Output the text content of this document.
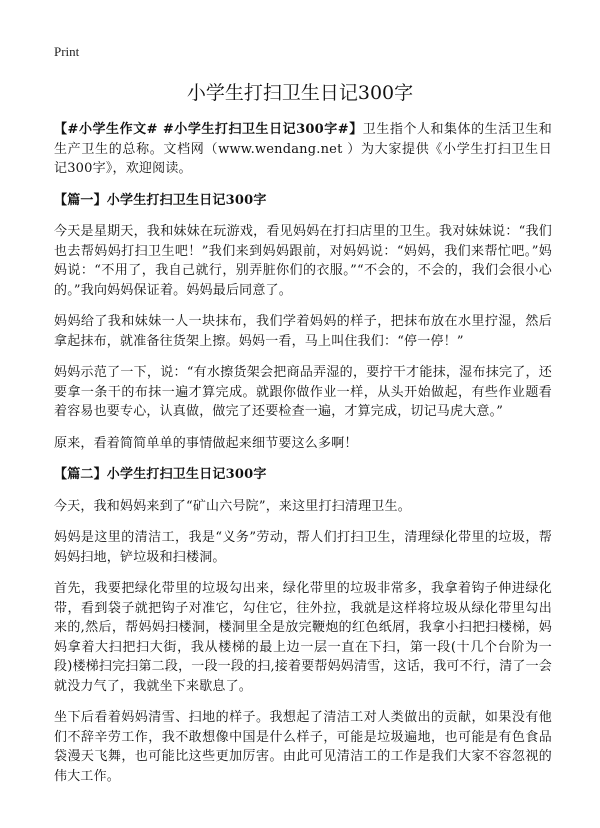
Print
小学生打扫卫生日记300字

【#小学生作文# #小学生打扫卫生日记300字#】卫生指个人和集体的生活卫生和生产卫生的总称。文档网（www.wendang.net ）为大家提供《小学生打扫卫生日记300字》，欢迎阅读。

【篇一】小学生打扫卫生日记300字

今天是星期天，我和妹妹在玩游戏，看见妈妈在打扫店里的卫生。我对妹妹说：“我们也去帮妈妈打扫卫生吧！”我们来到妈妈跟前，对妈妈说：“妈妈，我们来帮忙吧。”妈妈说：“不用了，我自己就行，别弄脏你们的衣服。”“不会的，不会的，我们会很小心的。”我向妈妈保证着。妈妈最后同意了。

妈妈给了我和妹妹一人一块抹布，我们学着妈妈的样子，把抹布放在水里拧湿，然后拿起抹布，就准备往货架上擦。妈妈一看，马上叫住我们：“停一停！”

妈妈示范了一下，说：“有水擦货架会把商品弄湿的，要拧干才能抹，湿布抹完了，还要拿一条干的布抹一遍才算完成。就跟你做作业一样，从头开始做起，有些作业题看着容易也要专心，认真做，做完了还要检查一遍，才算完成，切记马虎大意。”

原来，看着简简单单的事情做起来细节要这么多啊！

【篇二】小学生打扫卫生日记300字

今天，我和妈妈来到了“矿山六号院”，来这里打扫清理卫生。

妈妈是这里的清洁工，我是“义务”劳动，帮人们打扫卫生，清理绿化带里的垃圾，帮妈妈扫地，铲垃圾和扫楼洞。

首先，我要把绿化带里的垃圾勾出来，绿化带里的垃圾非常多，我拿着钩子伸进绿化带，看到袋子就把钩子对准它，勾住它，往外拉，我就是这样将垃圾从绿化带里勾出来的,然后，帮妈妈扫楼洞，楼洞里全是放完鞭炮的红色纸屑，我拿小扫把扫楼梯，妈妈拿着大扫把扫大街，我从楼梯的最上边一层一直在下扫，第一段(十几个台阶为一段)楼梯扫完扫第二段，一段一段的扫,接着要帮妈妈清雪，这话，我可不行，清了一会就没力气了，我就坐下来歇息了。

坐下后看着妈妈清雪、扫地的样子。我想起了清洁工对人类做出的贡献，如果没有他们不辞辛劳工作，我不敢想像中国是什么样子，可能是垃圾遍地，也可能是有色食品袋漫天飞舞，也可能比这些更加厉害。由此可见清洁工的工作是我们大家不容忽视的伟大工作。
